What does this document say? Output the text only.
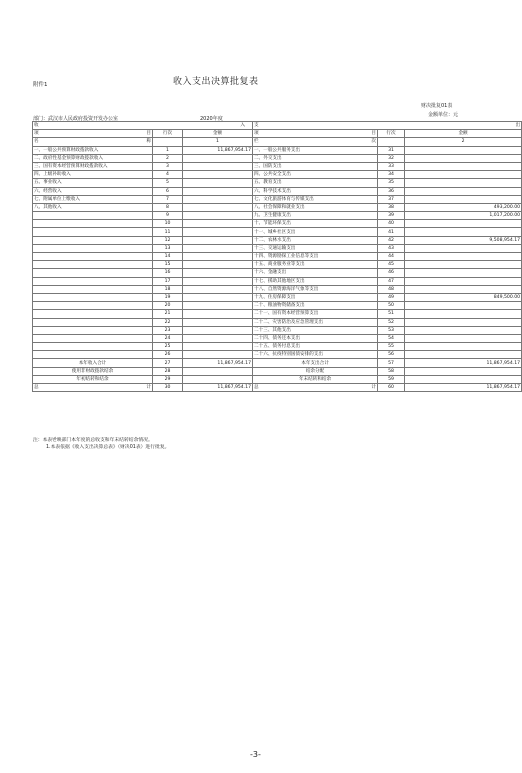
附件1	收入支出决算批复表
财决批复01表
金额单位：元
部门：武汉市人民政府投资开发办公室	2020年度
收 入			支 出		

项 目	行次	金额	项 目	行次	金额
名 称		1	栏 次		2
一、一般公共预算财政拨款收入	1	11,867,954.17	一、一般公共服务支出	31	
二、政府性基金预算财政拨款收入	2		二、外交支出	32	
三、国有资本经营预算财政拨款收入	3		三、国防支出	33	
四、上级补助收入	4		四、公共安全支出	34	
五、事业收入	5		五、教育支出	35	
六、经营收入	6		六、科学技术支出	36	
七、附属单位上缴收入	7		七、文化旅游体育与传媒支出	37	
八、其他收入	8		八、社会保障和就业支出	38	493,200.00
	9		九、卫生健康支出	39	1,017,200.00
	10		十、节能环保支出	40	
	11		十一、城乡社区支出	41	
	12		十二、农林水支出	42	9,508,954.17
	13		十三、交通运输支出	43	
	14		十四、资源勘探工业信息等支出	44	
	15		十五、商业服务业等支出	45	
	16		十六、金融支出	46	
	17		十七、援助其他地区支出	47	
	18		十八、自然资源海洋气象等支出	48	
	19		十九、住房保障支出	49	849,500.00
	20		二十、粮油物资储备支出	50	
	21		二十一、国有资本经营预算支出	51	
	22		二十二、灾害防治及应急管理支出	52	
	23		二十三、其他支出	53	
	24		二十四、债务还本支出	54	
	25		二十五、债务付息支出	55	
	26		二十六、抗疫特别国债安排的支出	56	
本年收入合计	27	11,867,954.17	本年支出合计	57	11,867,954.17
使用非财政拨款结余	28		结余分配	58	
年初结转和结余	29		年末结转和结余	59	
总 计	30	11,867,954.17	总 计	60	11,867,954.17
注：本表반映部门本年度的总收支和年末结转结余情况。
1.本表依据《收入支出决算总表》（财决01表）进行批复。
-3-
